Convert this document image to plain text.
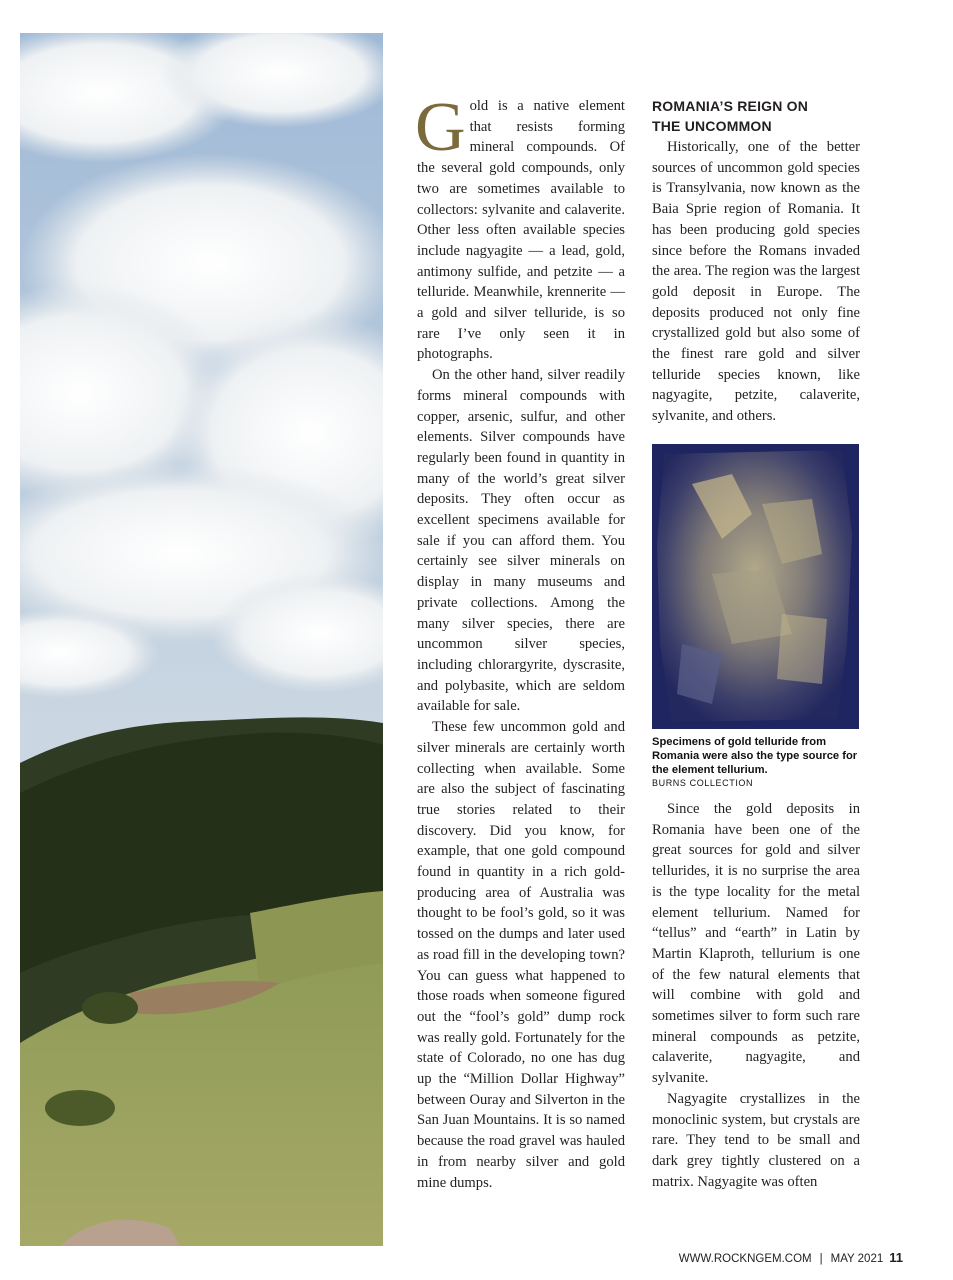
Gold is a native element that resists forming mineral compounds. Of the several gold compounds, only two are sometimes available to collectors: sylvanite and calaverite. Other less often available species include nagyagite — a lead, gold, antimony sulfide, and petzite — a telluride. Meanwhile, krennerite — a gold and silver telluride, is so rare I’ve only seen it in photographs.

On the other hand, silver readily forms mineral compounds with copper, arsenic, sulfur, and other elements. Silver compounds have regularly been found in quantity in many of the world’s great silver deposits. They often occur as excellent specimens available for sale if you can afford them. You certainly see silver minerals on display in many museums and private collections. Among the many silver species, there are uncommon silver species, including chlorargyrite, dyscrasite, and polybasite, which are seldom available for sale.

These few uncommon gold and silver minerals are certainly worth collecting when available. Some are also the subject of fascinating true stories related to their discovery. Did you know, for example, that one gold compound found in quantity in a rich gold-producing area of Australia was thought to be fool’s gold, so it was tossed on the dumps and later used as road fill in the developing town? You can guess what happened to those roads when someone figured out the “fool’s gold” dump rock was really gold. Fortunately for the state of Colorado, no one has dug up the “Million Dollar Highway” between Ouray and Silverton in the San Juan Mountains. It is so named because the road gravel was hauled in from nearby silver and gold mine dumps.

ROMANIA’S REIGN ON
THE UNCOMMON

Historically, one of the better sources of uncommon gold species is Transylvania, now known as the Baia Sprie region of Romania. It has been producing gold species since before the Romans invaded the area. The region was the largest gold deposit in Europe. The deposits produced not only fine crystallized gold but also some of the finest rare gold and silver telluride species known, like nagyagite, petzite, calaverite, sylvanite, and others.

Specimens of gold telluride from Romania were also the type source for the element tellurium.
BURNS COLLECTION

Since the gold deposits in Romania have been one of the great sources for gold and silver tellurides, it is no surprise the area is the type locality for the metal element tellurium. Named for “tellus” and “earth” in Latin by Martin Klaproth, tellurium is one of the few natural elements that will combine with gold and sometimes silver to form such rare mineral compounds as petzite, calaverite, nagyagite, and sylvanite.

Nagyagite crystallizes in the monoclinic system, but crystals are rare. They tend to be small and dark grey tightly clustered on a matrix. Nagyagite was often

WWW.ROCKNGEM.COM | MAY 2021 11
